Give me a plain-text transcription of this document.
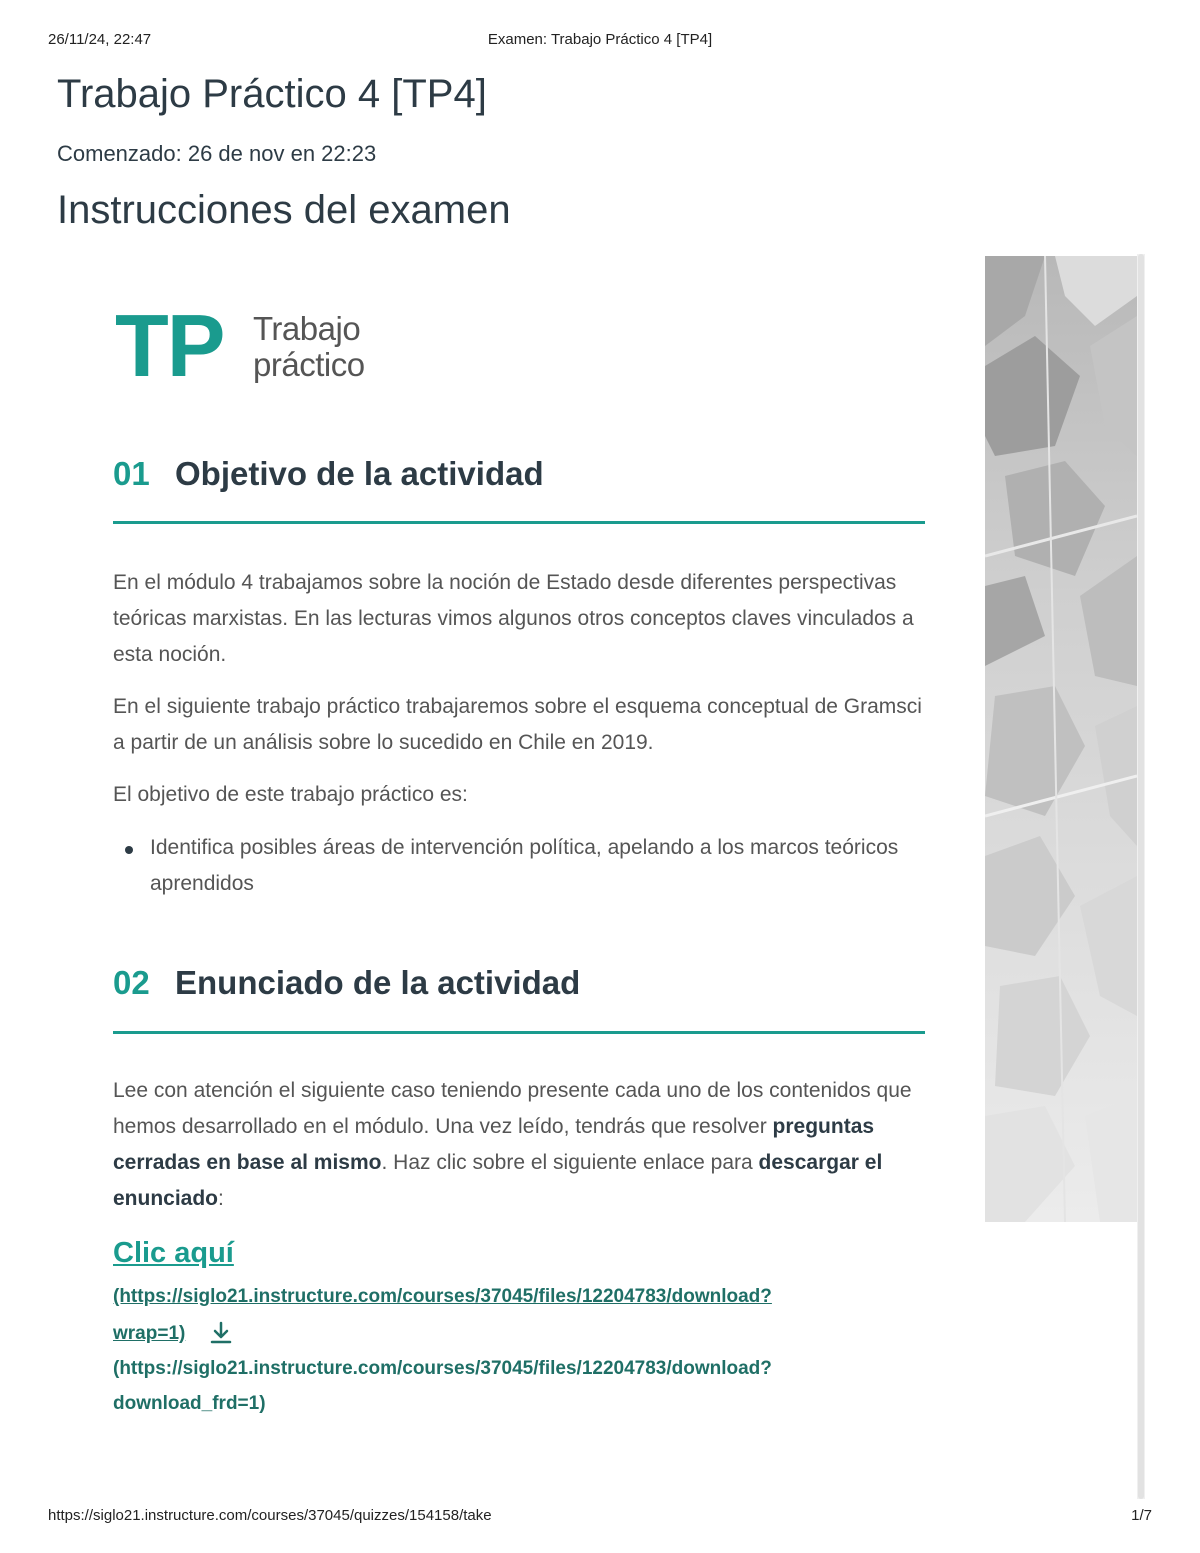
26/11/24, 22:47	Examen: Trabajo Práctico 4 [TP4]
Trabajo Práctico 4 [TP4]
Comenzado: 26 de nov en 22:23
Instrucciones del examen
TP Trabajo
práctico
01 Objetivo de la actividad

En el módulo 4 trabajamos sobre la noción de Estado desde diferentes perspectivas teóricas marxistas. En las lecturas vimos algunos otros conceptos claves vinculados a esta noción.

En el siguiente trabajo práctico trabajaremos sobre el esquema conceptual de Gramsci a partir de un análisis sobre lo sucedido en Chile en 2019.

El objetivo de este trabajo práctico es:

Identifica posibles áreas de intervención política, apelando a los marcos teóricos aprendidos

02 Enunciado de la actividad

Lee con atención el siguiente caso teniendo presente cada uno de los contenidos que hemos desarrollado en el módulo. Una vez leído, tendrás que resolver preguntas cerradas en base al mismo. Haz clic sobre el siguiente enlace para descargar el enunciado:

Clic aquí
(https://siglo21.instructure.com/courses/37045/files/12204783/download?
wrap=1)
(https://siglo21.instructure.com/courses/37045/files/12204783/download?
download_frd=1)
https://siglo21.instructure.com/courses/37045/quizzes/154158/take	1/7
